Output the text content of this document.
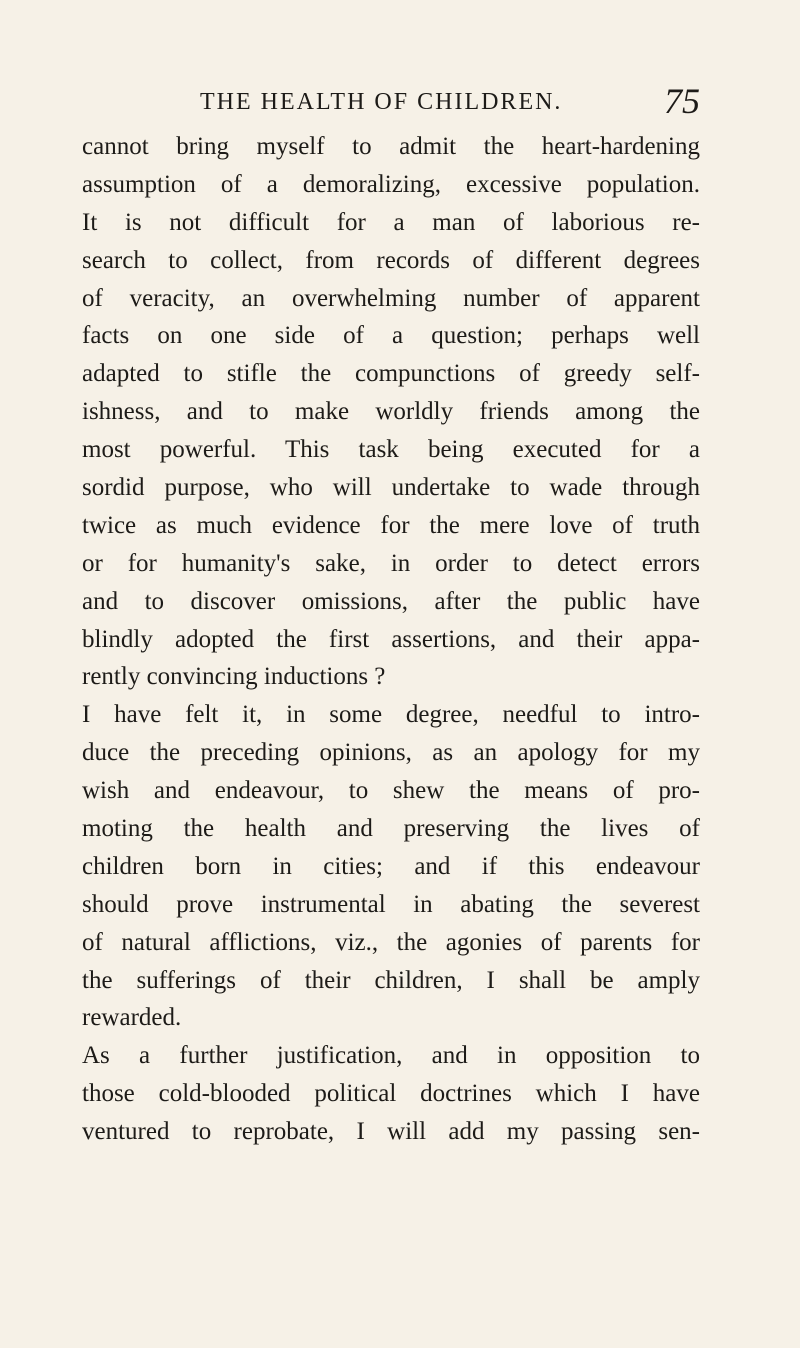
THE HEALTH OF CHILDREN.	75
cannot bring myself to admit the heart-hardening
assumption of a demoralizing, excessive population.
It is not difficult for a man of laborious re-
search to collect, from records of different degrees
of veracity, an overwhelming number of apparent
facts on one side of a question; perhaps well
adapted to stifle the compunctions of greedy self-
ishness, and to make worldly friends among the
most powerful. This task being executed for a
sordid purpose, who will undertake to wade through
twice as much evidence for the mere love of truth
or for humanity's sake, in order to detect errors
and to discover omissions, after the public have
blindly adopted the first assertions, and their appa-
rently convincing inductions ?
I have felt it, in some degree, needful to intro-
duce the preceding opinions, as an apology for my
wish and endeavour, to shew the means of pro-
moting the health and preserving the lives of
children born in cities; and if this endeavour
should prove instrumental in abating the severest
of natural afflictions, viz., the agonies of parents for
the sufferings of their children, I shall be amply
rewarded.
As a further justification, and in opposition to
those cold-blooded political doctrines which I have
ventured to reprobate, I will add my passing sen-
